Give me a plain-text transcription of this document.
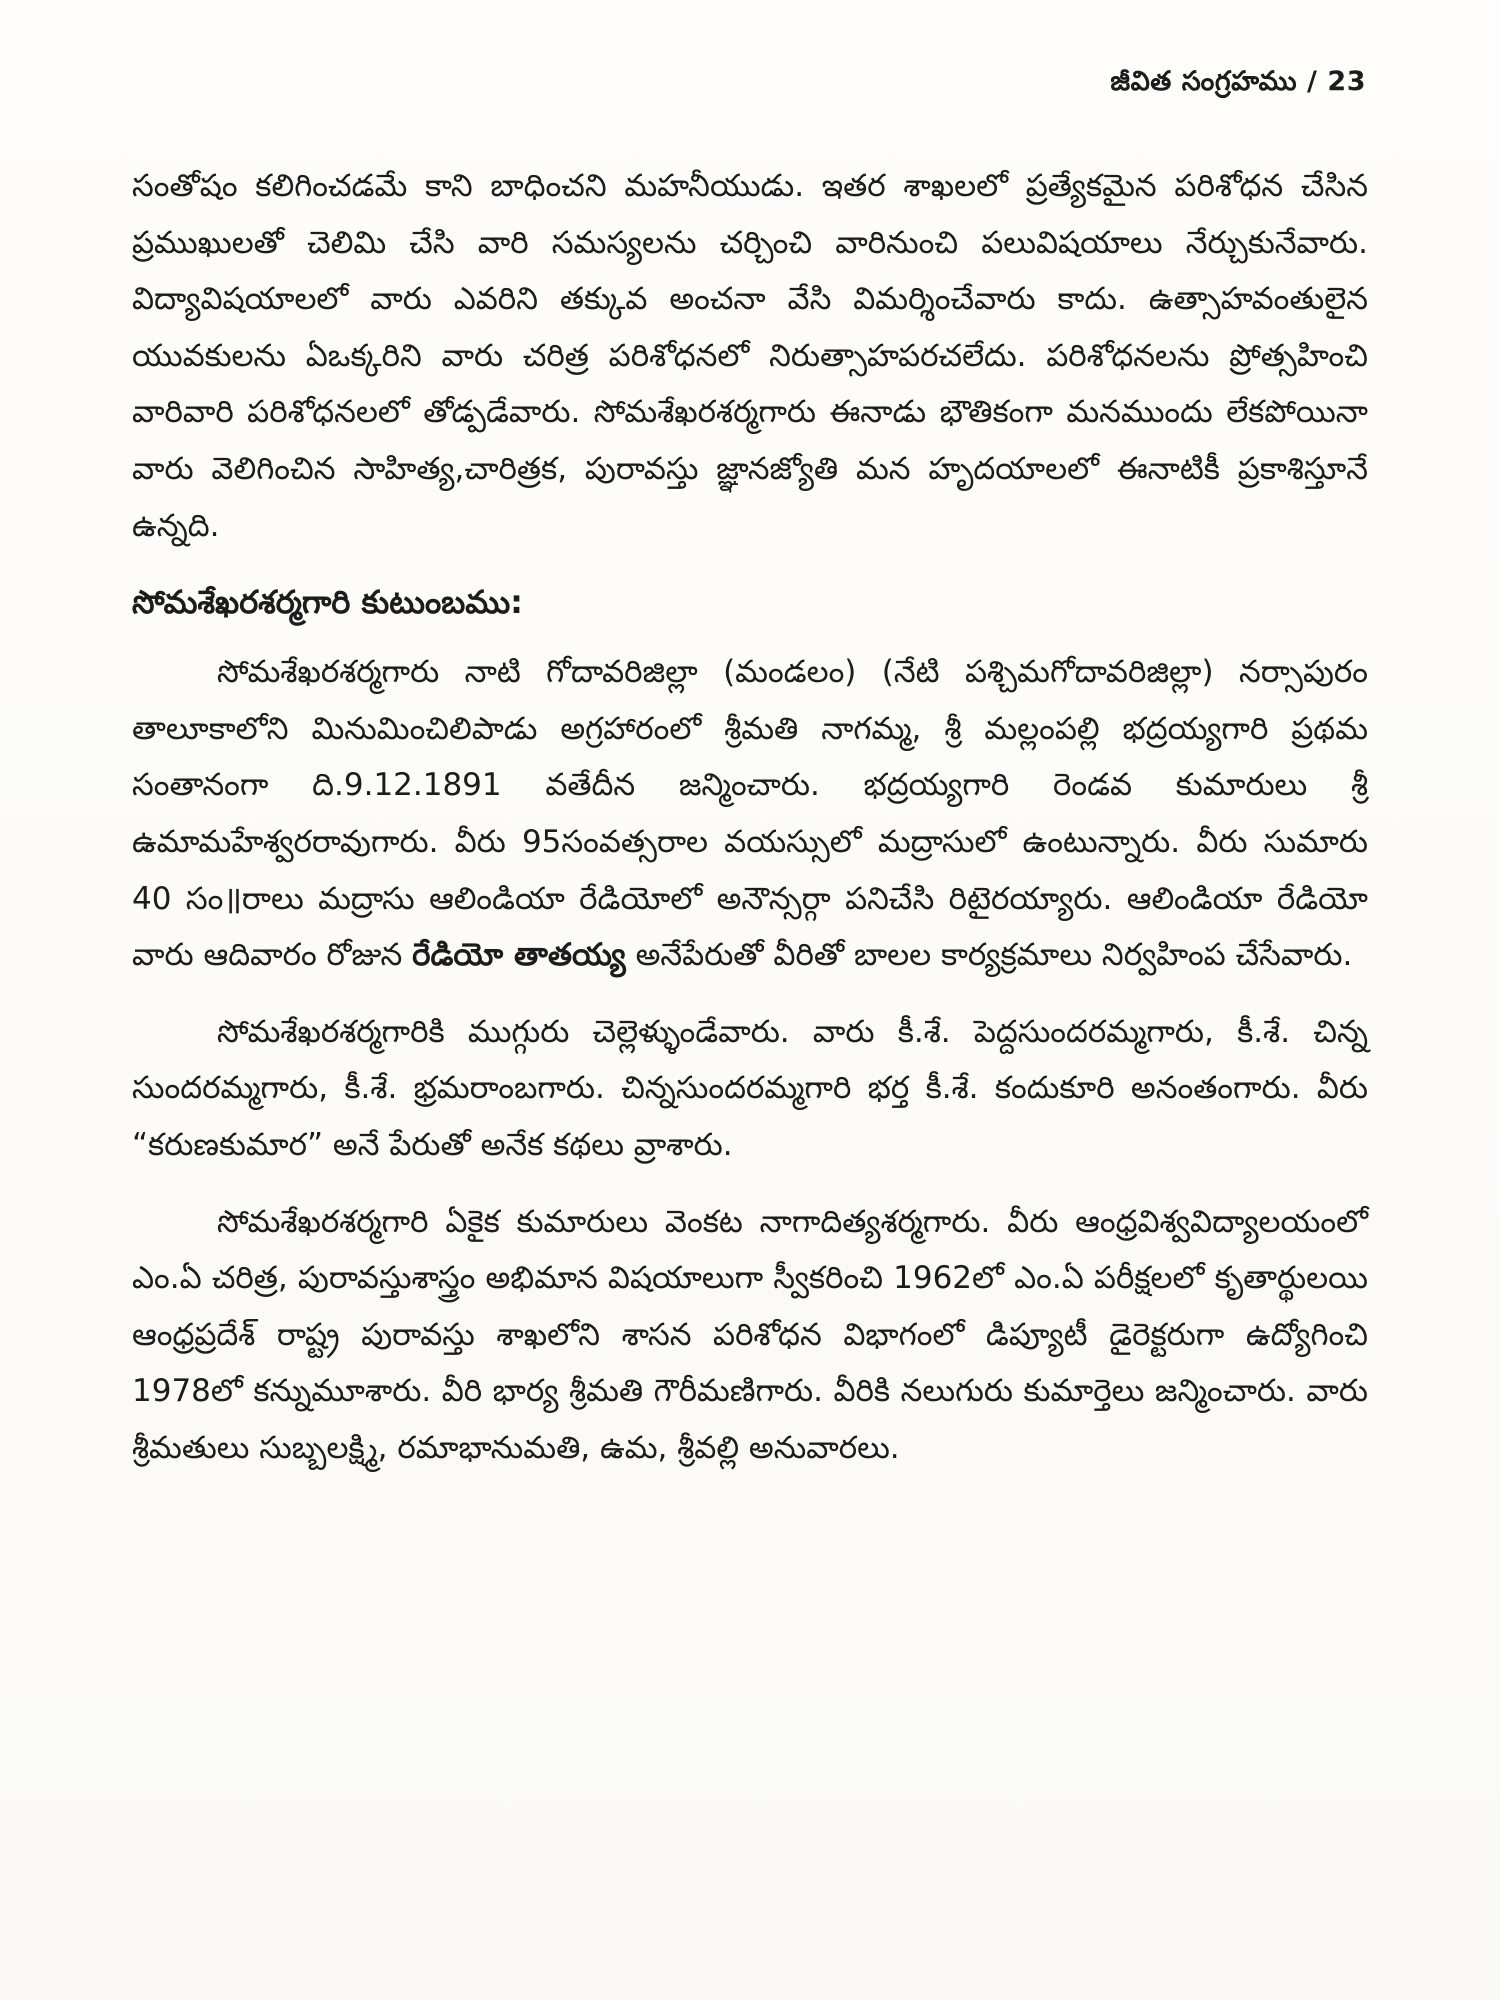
జీవిత సంగ్రహము / 23

సంతోషం కలిగించడమే కాని బాధించని మహనీయుడు. ఇతర శాఖలలో ప్రత్యేకమైన పరిశోధన చేసిన ప్రముఖులతో చెలిమి చేసి వారి సమస్యలను చర్చించి వారినుంచి పలువిషయాలు నేర్చుకునేవారు. విద్యావిషయాలలో వారు ఎవరిని తక్కువ అంచనా వేసి విమర్శించేవారు కాదు. ఉత్సాహవంతులైన యువకులను ఏఒక్కరిని వారు చరిత్ర పరిశోధనలో నిరుత్సాహపరచలేదు. పరిశోధనలను ప్రోత్సహించి వారివారి పరిశోధనలలో తోడ్పడేవారు. సోమశేఖరశర్మగారు ఈనాడు భౌతికంగా మనముందు లేకపోయినా వారు వెలిగించిన సాహిత్య,చారిత్రక, పురావస్తు జ్ఞానజ్యోతి మన హృదయాలలో ఈనాటికీ ప్రకాశిస్తూనే ఉన్నది.

సోమశేఖరశర్మగారి కుటుంబము:

సోమశేఖరశర్మగారు నాటి గోదావరిజిల్లా (మండలం) (నేటి పశ్చిమగోదావరిజిల్లా) నర్సాపురం తాలూకాలోని మినుమించిలిపాడు అగ్రహారంలో శ్రీమతి నాగమ్మ, శ్రీ మల్లంపల్లి భద్రయ్యగారి ప్రథమ సంతానంగా ది.9.12.1891 వతేదీన జన్మించారు. భద్రయ్యగారి రెండవ కుమారులు శ్రీ ఉమామహేశ్వరరావుగారు. వీరు 95సంవత్సరాల వయస్సులో మద్రాసులో ఉంటున్నారు. వీరు సుమారు 40 సం॥రాలు మద్రాసు ఆలిండియా రేడియోలో అనౌన్సర్గా పనిచేసి రిటైరయ్యారు. ఆలిండియా రేడియో వారు ఆదివారం రోజున రేడియో తాతయ్య అనేపేరుతో వీరితో బాలల కార్యక్రమాలు నిర్వహింప చేసేవారు.

సోమశేఖరశర్మగారికి ముగ్గురు చెల్లెళ్ళుండేవారు. వారు కీ.శే. పెద్దసుందరమ్మగారు, కీ.శే. చిన్న సుందరమ్మగారు, కీ.శే. భ్రమరాంబగారు. చిన్నసుందరమ్మగారి భర్త కీ.శే. కందుకూరి అనంతంగారు. వీరు “కరుణకుమార” అనే పేరుతో అనేక కథలు వ్రాశారు.

సోమశేఖరశర్మగారి ఏకైక కుమారులు వెంకట నాగాదిత్యశర్మగారు. వీరు ఆంధ్రవిశ్వవిద్యాలయంలో ఎం.ఏ చరిత్ర, పురావస్తుశాస్త్రం అభిమాన విషయాలుగా స్వీకరించి 1962లో ఎం.ఏ పరీక్షలలో కృతార్థులయి ఆంధ్రప్రదేశ్ రాష్ట్ర పురావస్తు శాఖలోని శాసన పరిశోధన విభాగంలో డిప్యూటీ డైరెక్టరుగా ఉద్యోగించి 1978లో కన్నుమూశారు. వీరి భార్య శ్రీమతి గౌరీమణిగారు. వీరికి నలుగురు కుమార్తెలు జన్మించారు. వారు శ్రీమతులు సుబ్బలక్ష్మి, రమాభానుమతి, ఉమ, శ్రీవల్లి అనువారలు.
